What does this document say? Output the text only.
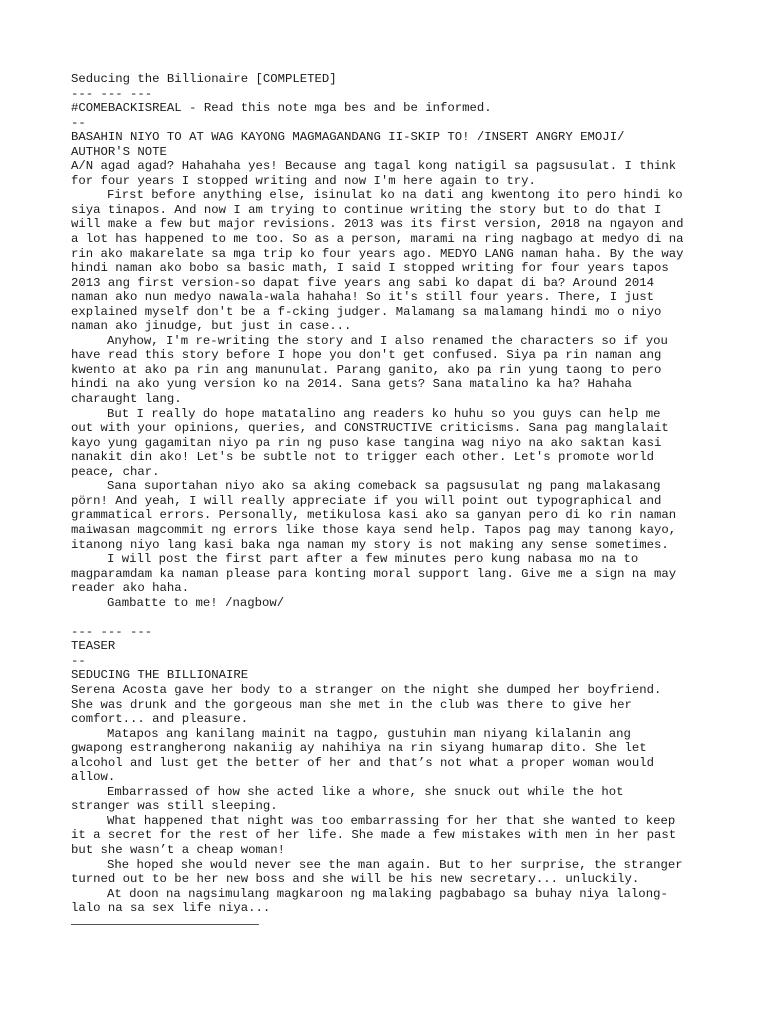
Seducing the Billionaire [COMPLETED]
--- --- ---
#COMEBACKISREAL - Read this note mga bes and be informed.
--
BASAHIN NIYO TO AT WAG KAYONG MAGMAGANDANG II-SKIP TO! /INSERT ANGRY EMOJI/
AUTHOR'S NOTE
A/N agad agad? Hahahaha yes! Because ang tagal kong natigil sa pagsusulat. I think
for four years I stopped writing and now I'm here again to try.
First before anything else, isinulat ko na dati ang kwentong ito pero hindi ko
siya tinapos. And now I am trying to continue writing the story but to do that I
will make a few but major revisions. 2013 was its first version, 2018 na ngayon and
a lot has happened to me too. So as a person, marami na ring nagbago at medyo di na
rin ako makarelate sa mga trip ko four years ago. MEDYO LANG naman haha. By the way
hindi naman ako bobo sa basic math, I said I stopped writing for four years tapos
2013 ang first version-so dapat five years ang sabi ko dapat di ba? Around 2014
naman ako nun medyo nawala-wala hahaha! So it's still four years. There, I just
explained myself don't be a f-cking judger. Malamang sa malamang hindi mo o niyo
naman ako jinudge, but just in case...
Anyhow, I'm re-writing the story and I also renamed the characters so if you
have read this story before I hope you don't get confused. Siya pa rin naman ang
kwento at ako pa rin ang manunulat. Parang ganito, ako pa rin yung taong to pero
hindi na ako yung version ko na 2014. Sana gets? Sana matalino ka ha? Hahaha
charaught lang.
But I really do hope matatalino ang readers ko huhu so you guys can help me
out with your opinions, queries, and CONSTRUCTIVE criticisms. Sana pag manglalait
kayo yung gagamitan niyo pa rin ng puso kase tangina wag niyo na ako saktan kasi
nanakit din ako! Let's be subtle not to trigger each other. Let's promote world
peace, char.
Sana suportahan niyo ako sa aking comeback sa pagsusulat ng pang malakasang
pörn! And yeah, I will really appreciate if you will point out typographical and
grammatical errors. Personally, metikulosa kasi ako sa ganyan pero di ko rin naman
maiwasan magcommit ng errors like those kaya send help. Tapos pag may tanong kayo,
itanong niyo lang kasi baka nga naman my story is not making any sense sometimes.
I will post the first part after a few minutes pero kung nabasa mo na to
magparamdam ka naman please para konting moral support lang. Give me a sign na may
reader ako haha.
Gambatte to me! /nagbow/
--- --- ---
TEASER
--
SEDUCING THE BILLIONAIRE
Serena Acosta gave her body to a stranger on the night she dumped her boyfriend.
She was drunk and the gorgeous man she met in the club was there to give her
comfort... and pleasure.
Matapos ang kanilang mainit na tagpo, gustuhin man niyang kilalanin ang
gwapong estrangherong nakaniig ay nahihiya na rin siyang humarap dito. She let
alcohol and lust get the better of her and that’s not what a proper woman would
allow.
Embarrassed of how she acted like a whore, she snuck out while the hot
stranger was still sleeping.
What happened that night was too embarrassing for her that she wanted to keep
it a secret for the rest of her life. She made a few mistakes with men in her past
but she wasn’t a cheap woman!
She hoped she would never see the man again. But to her surprise, the stranger
turned out to be her new boss and she will be his new secretary... unluckily.
At doon na nagsimulang magkaroon ng malaking pagbabago sa buhay niya lalong-
lalo na sa sex life niya...
